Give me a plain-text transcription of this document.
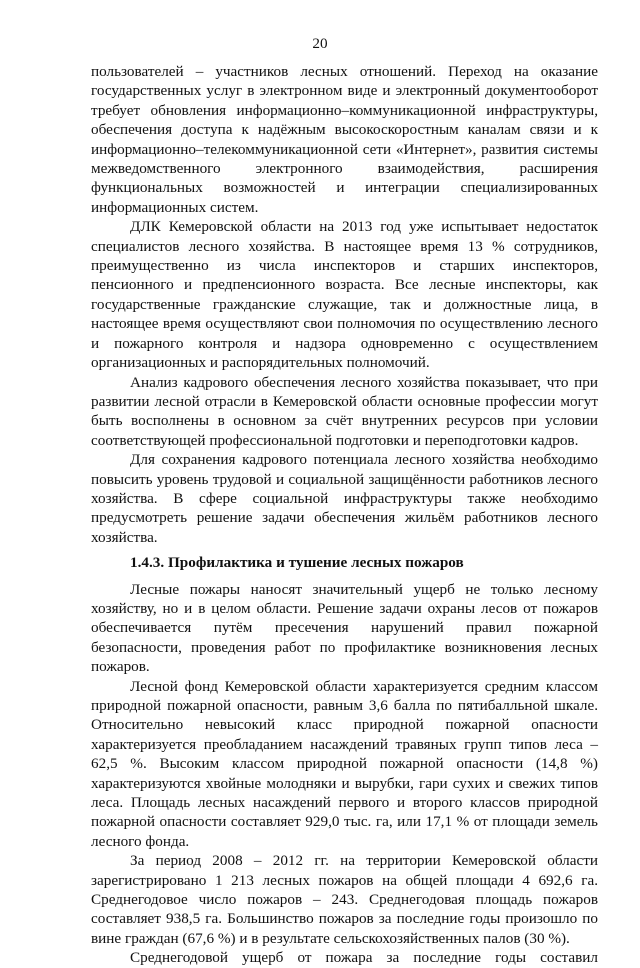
20

пользователей – участников лесных отношений. Переход на оказание государственных услуг в электронном виде и электронный документооборот требует обновления информационно–коммуникационной инфраструктуры, обеспечения доступа к надёжным высокоскоростным каналам связи и к информационно–телекоммуникационной сети «Интернет», развития системы межведомственного электронного взаимодействия, расширения функциональных возможностей и интеграции специализированных информационных систем.

ДЛК Кемеровской области на 2013 год уже испытывает недостаток специалистов лесного хозяйства. В настоящее время 13 % сотрудников, преимущественно из числа инспекторов и старших инспекторов, пенсионного и предпенсионного возраста. Все лесные инспекторы, как государственные гражданские служащие, так и должностные лица, в настоящее время осуществляют свои полномочия по осуществлению лесного и пожарного контроля и надзора одновременно с осуществлением организационных и распорядительных полномочий.

Анализ кадрового обеспечения лесного хозяйства показывает, что при развитии лесной отрасли в Кемеровской области основные профессии могут быть восполнены в основном за счёт внутренних ресурсов при условии соответствующей профессиональной подготовки и переподготовки кадров.

Для сохранения кадрового потенциала лесного хозяйства необходимо повысить уровень трудовой и социальной защищённости работников лесного хозяйства. В сфере социальной инфраструктуры также необходимо предусмотреть решение задачи обеспечения жильём работников лесного хозяйства.

1.4.3. Профилактика и тушение лесных пожаров

Лесные пожары наносят значительный ущерб не только лесному хозяйству, но и в целом области. Решение задачи охраны лесов от пожаров обеспечивается путём пресечения нарушений правил пожарной безопасности, проведения работ по профилактике возникновения лесных пожаров.

Лесной фонд Кемеровской области характеризуется средним классом природной пожарной опасности, равным 3,6 балла по пятибалльной шкале. Относительно невысокий класс природной пожарной опасности характеризуется преобладанием насаждений травяных групп типов леса – 62,5 %. Высоким классом природной пожарной опасности (14,8 %) характеризуются хвойные молодняки и вырубки, гари сухих и свежих типов леса. Площадь лесных насаждений первого и второго классов природной пожарной опасности составляет 929,0 тыс. га, или 17,1 % от площади земель лесного фонда.

За период 2008 – 2012 гг. на территории Кемеровской области зарегистрировано 1 213 лесных пожаров на общей площади 4 692,6 га. Среднегодовое число пожаров – 243. Среднегодовая площадь пожаров составляет 938,5 га. Большинство пожаров за последние годы произошло по вине граждан (67,6 %) и в результате сельскохозяйственных палов (30 %).

Среднегодовой ущерб от пожара за последние годы составил
